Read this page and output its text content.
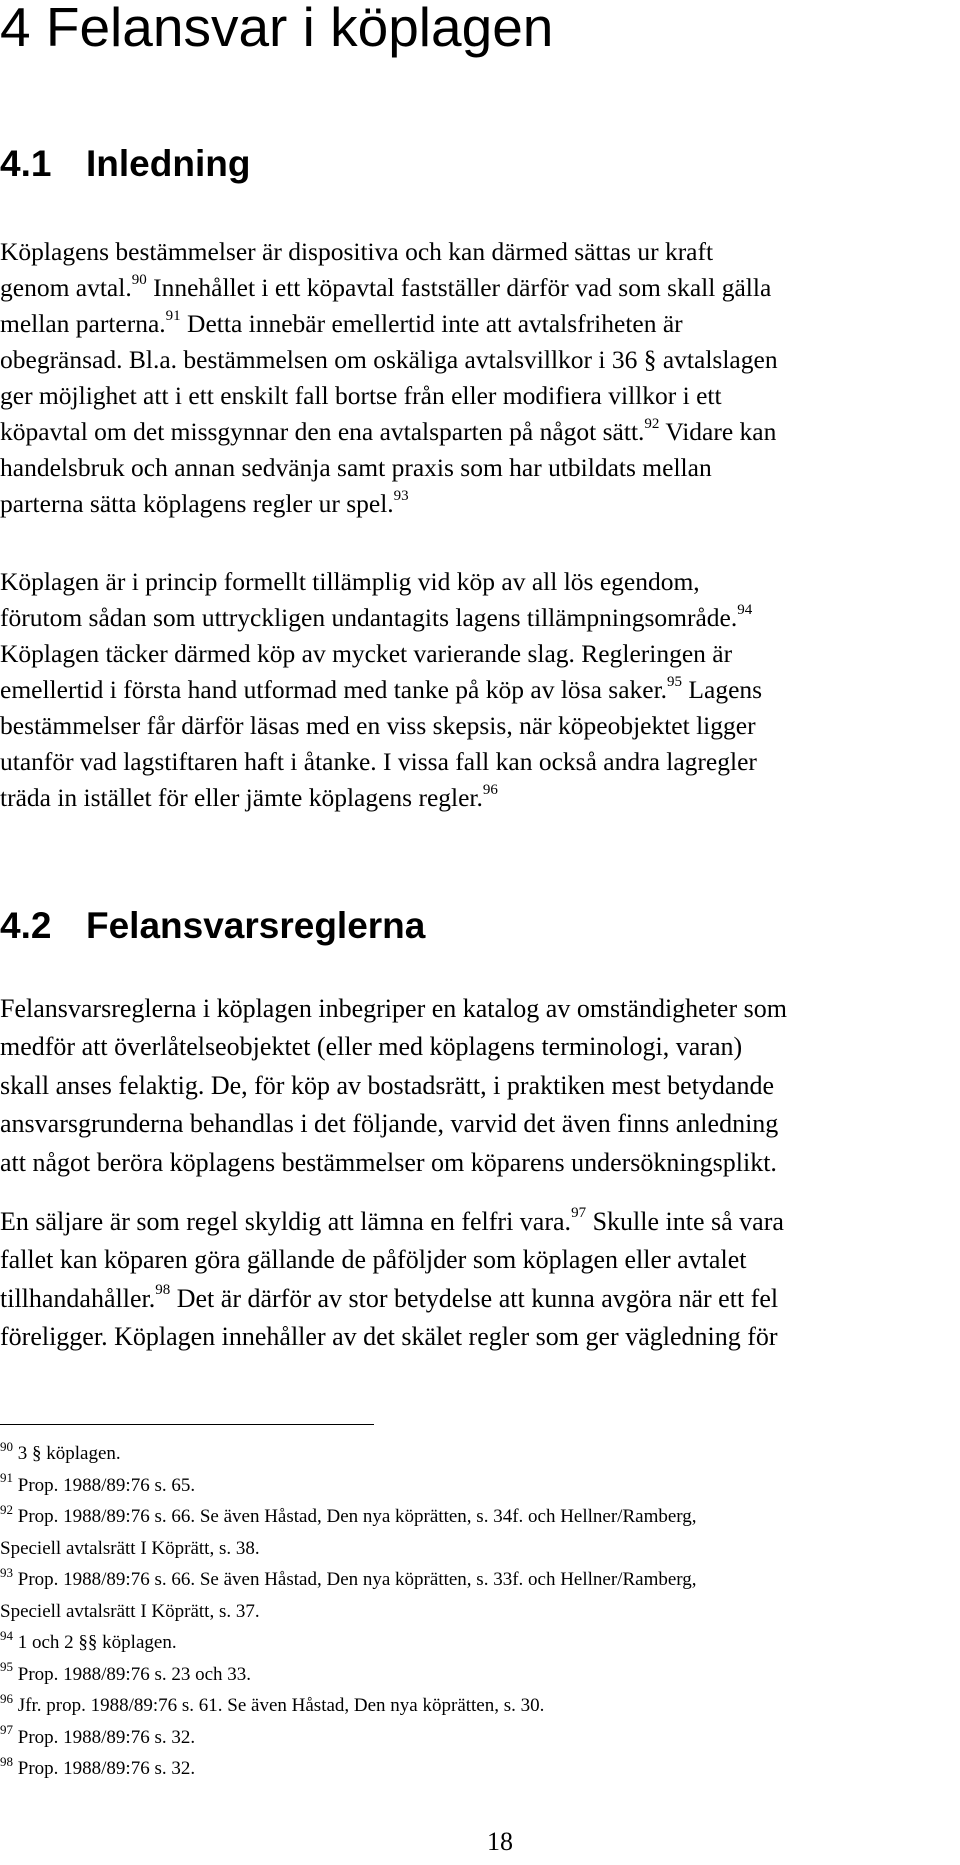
4 Felansvar i köplagen
4.1 Inledning
Köplagens bestämmelser är dispositiva och kan därmed sättas ur kraft
genom avtal.$^{90}$ Innehållet i ett köpavtal fastställer därför vad som skall gälla
mellan parterna.$^{91}$ Detta innebär emellertid inte att avtalsfriheten är
obegränsad. Bl.a. bestämmelsen om oskäliga avtalsvillkor i 36 § avtalslagen
ger möjlighet att i ett enskilt fall bortse från eller modifiera villkor i ett
köpavtal om det missgynnar den ena avtalsparten på något sätt.$^{92}$ Vidare kan
handelsbruk och annan sedvänja samt praxis som har utbildats mellan
parterna sätta köplagens regler ur spel.$^{93}$
Köplagen är i princip formellt tillämplig vid köp av all lös egendom,
förutom sådan som uttryckligen undantagits lagens tillämpningsområde.$^{94}$
Köplagen täcker därmed köp av mycket varierande slag. Regleringen är
emellertid i första hand utformad med tanke på köp av lösa saker.$^{95}$ Lagens
bestämmelser får därför läsas med en viss skepsis, när köpeobjektet ligger
utanför vad lagstiftaren haft i åtanke. I vissa fall kan också andra lagregler
träda in istället för eller jämte köplagens regler.$^{96}$
4.2 Felansvarsreglerna
Felansvarsreglerna i köplagen inbegriper en katalog av omständigheter som
medför att överlåtelseobjektet (eller med köplagens terminologi, varan)
skall anses felaktig. De, för köp av bostadsrätt, i praktiken mest betydande
ansvarsgrunderna behandlas i det följande, varvid det även finns anledning
att något beröra köplagens bestämmelser om köparens undersökningsplikt.
En säljare är som regel skyldig att lämna en felfri vara.$^{97}$ Skulle inte så vara
fallet kan köparen göra gällande de påföljder som köplagen eller avtalet
tillhandahåller.$^{98}$ Det är därför av stor betydelse att kunna avgöra när ett fel
föreligger. Köplagen innehåller av det skälet regler som ger vägledning för
$^{90}$ 3 § köplagen.
$^{91}$ Prop. 1988/89:76 s. 65.
$^{92}$ Prop. 1988/89:76 s. 66. Se även Håstad, Den nya köprätten, s. 34f. och Hellner/Ramberg,
Speciell avtalsrätt I Köprätt, s. 38.
$^{93}$ Prop. 1988/89:76 s. 66. Se även Håstad, Den nya köprätten, s. 33f. och Hellner/Ramberg,
Speciell avtalsrätt I Köprätt, s. 37.
$^{94}$ 1 och 2 §§ köplagen.
$^{95}$ Prop. 1988/89:76 s. 23 och 33.
$^{96}$ Jfr. prop. 1988/89:76 s. 61. Se även Håstad, Den nya köprätten, s. 30.
$^{97}$ Prop. 1988/89:76 s. 32.
$^{98}$ Prop. 1988/89:76 s. 32.
18
